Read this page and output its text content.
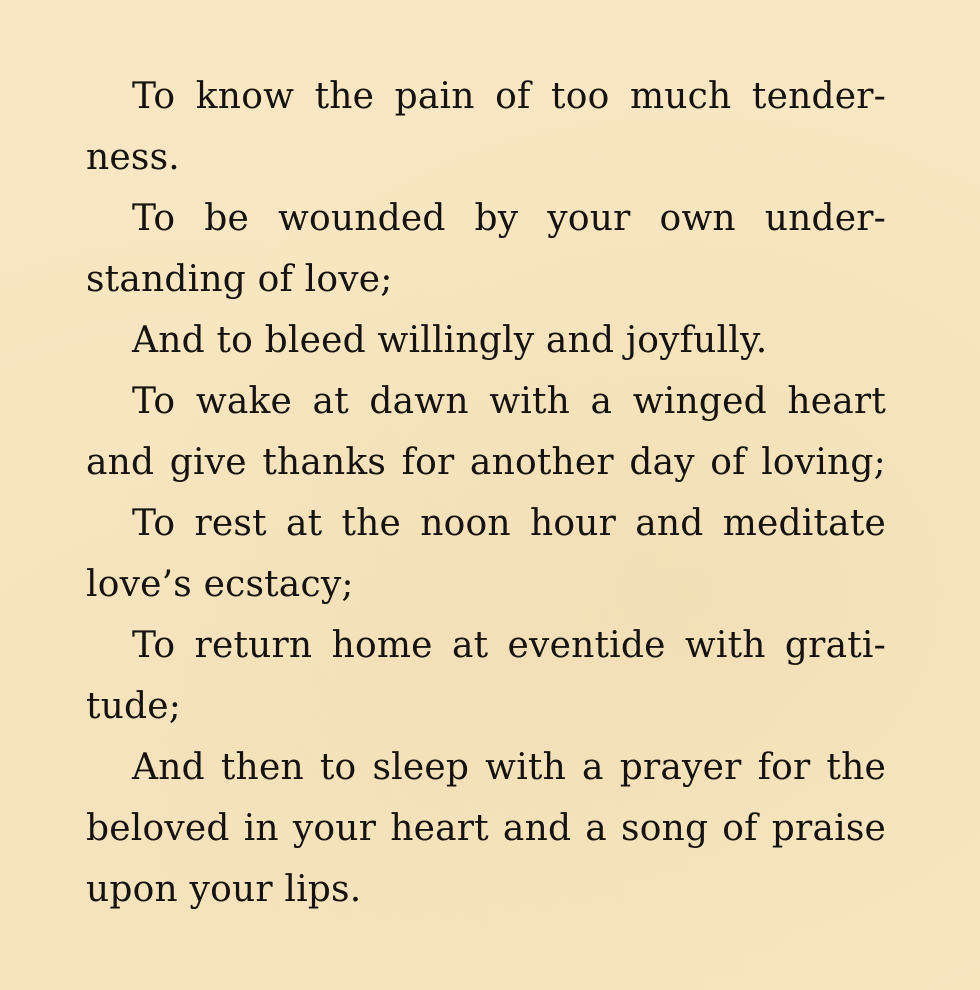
To know the pain of too much tender-
ness.
To be wounded by your own under-
standing of love;
And to bleed willingly and joyfully.
To wake at dawn with a winged heart
and give thanks for another day of loving;
To rest at the noon hour and meditate
love’s ecstacy;
To return home at eventide with grati-
tude;
And then to sleep with a prayer for the
beloved in your heart and a song of praise
upon your lips.
